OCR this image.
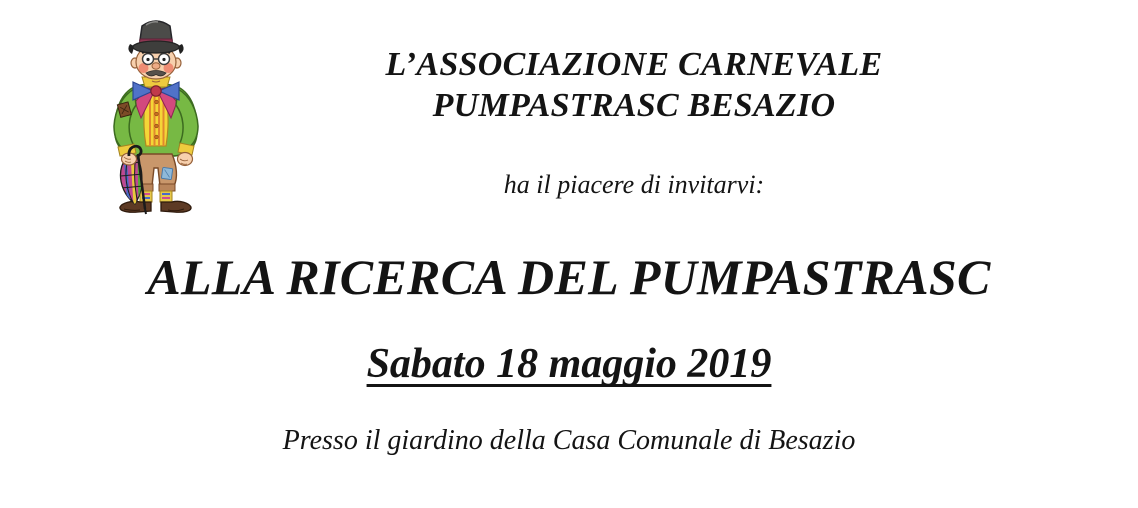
L’ASSOCIAZIONE CARNEVALE
PUMPASTRASC BESAZIO
ha il piacere di invitarvi:
ALLA RICERCA DEL PUMPASTRASC
Sabato 18 maggio 2019
Presso il giardino della Casa Comunale di Besazio
